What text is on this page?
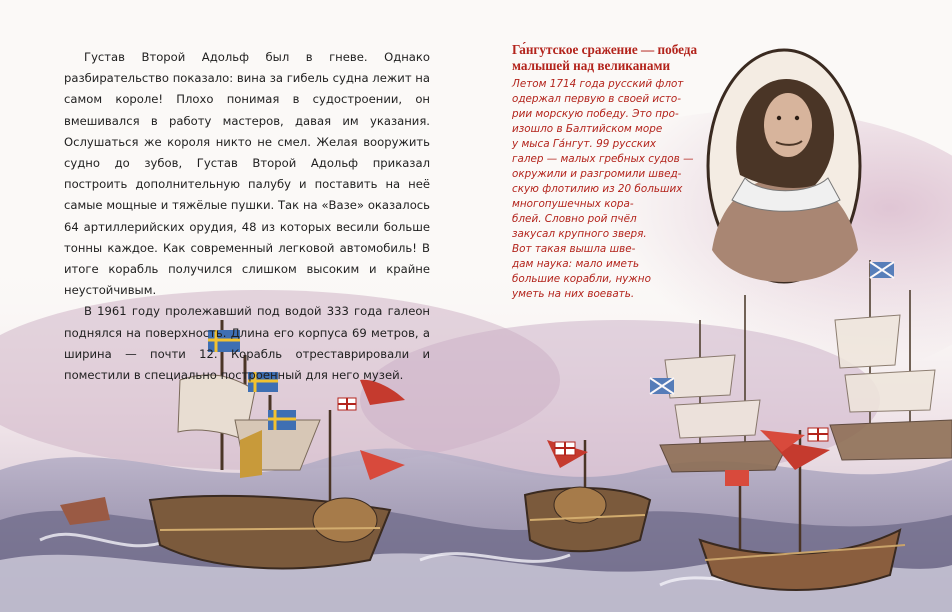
Густав Второй Адольф был в гневе. Однако разбирательство показало: вина за гибель судна лежит на самом короле! Плохо понимая в судостроении, он вмешивался в работу мастеров, давая им указания. Ослушаться же короля никто не смел. Желая вооружить судно до зубов, Густав Второй Адольф приказал построить дополнительную палубу и поставить на неё самые мощные и тяжёлые пушки. Так на «Вазе» оказалось 64 артиллерийских орудия, 48 из которых весили больше тонны каждое. Как современный легковой автомобиль! В итоге корабль получился слишком высоким и крайне неустойчивым.

В 1961 году пролежавший под водой 333 года галеон поднялся на поверхность. Длина его корпуса 69 метров, а ширина — почти 12. Корабль отреставрировали и поместили в специально построенный для него музей.

Га́нгутское сражение — победа малышей над великанами

Летом 1714 года русский флот
одержал первую в своей исто-
рии морскую победу. Это про-
изошло в Балтийском море
у мыса Га́нгут. 99 русских
галер — малых гребных судов —
окружили и разгромили швед-
скую флотилию из 20 больших
многопушечных кора-
блей. Словно рой пчёл
закусал крупного зверя.
Вот такая вышла шве-
дам наука: мало иметь
большие корабли, нужно
уметь на них воевать.
